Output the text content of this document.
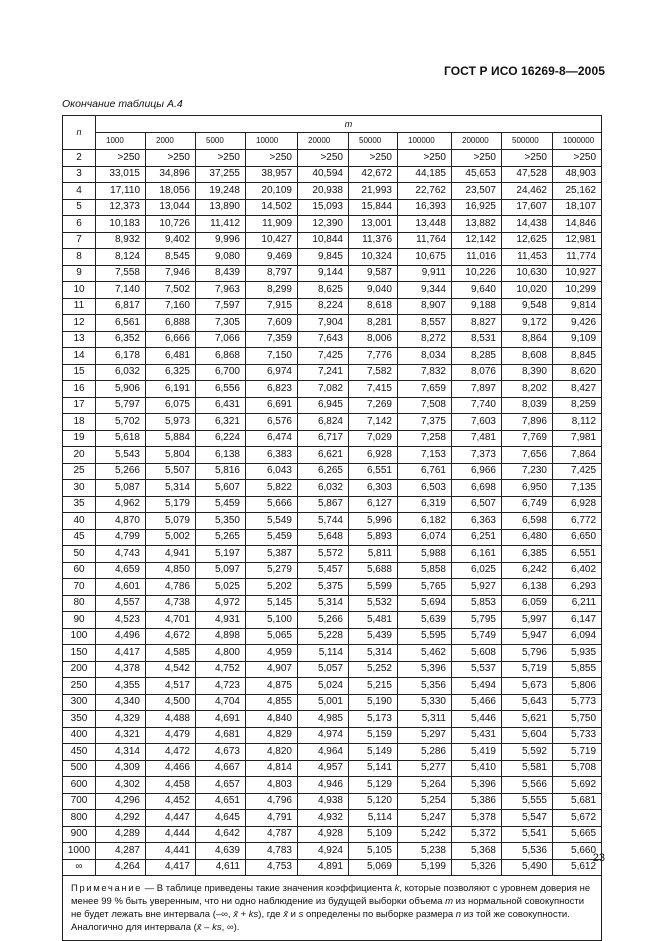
ГОСТ Р ИСО 16269-8—2005
Окончание таблицы А.4
n	m									
	1000	2000	5000	10000	20000	50000	100000	200000	500000	1000000
2	>250	>250	>250	>250	>250	>250	>250	>250	>250	>250
3	33,015	34,896	37,255	38,957	40,594	42,672	44,185	45,653	47,528	48,903
4	17,110	18,056	19,248	20,109	20,938	21,993	22,762	23,507	24,462	25,162
5	12,373	13,044	13,890	14,502	15,093	15,844	16,393	16,925	17,607	18,107
6	10,183	10,726	11,412	11,909	12,390	13,001	13,448	13,882	14,438	14,846
7	8,932	9,402	9,996	10,427	10,844	11,376	11,764	12,142	12,625	12,981
8	8,124	8,545	9,080	9,469	9,845	10,324	10,675	11,016	11,453	11,774
9	7,558	7,946	8,439	8,797	9,144	9,587	9,911	10,226	10,630	10,927
10	7,140	7,502	7,963	8,299	8,625	9,040	9,344	9,640	10,020	10,299
11	6,817	7,160	7,597	7,915	8,224	8,618	8,907	9,188	9,548	9,814
12	6,561	6,888	7,305	7,609	7,904	8,281	8,557	8,827	9,172	9,426
13	6,352	6,666	7,066	7,359	7,643	8,006	8,272	8,531	8,864	9,109
14	6,178	6,481	6,868	7,150	7,425	7,776	8,034	8,285	8,608	8,845
15	6,032	6,325	6,700	6,974	7,241	7,582	7,832	8,076	8,390	8,620
16	5,906	6,191	6,556	6,823	7,082	7,415	7,659	7,897	8,202	8,427
17	5,797	6,075	6,431	6,691	6,945	7,269	7,508	7,740	8,039	8,259
18	5,702	5,973	6,321	6,576	6,824	7,142	7,375	7,603	7,896	8,112
19	5,618	5,884	6,224	6,474	6,717	7,029	7,258	7,481	7,769	7,981
20	5,543	5,804	6,138	6,383	6,621	6,928	7,153	7,373	7,656	7,864
25	5,266	5,507	5,816	6,043	6,265	6,551	6,761	6,966	7,230	7,425
30	5,087	5,314	5,607	5,822	6,032	6,303	6,503	6,698	6,950	7,135
35	4,962	5,179	5,459	5,666	5,867	6,127	6,319	6,507	6,749	6,928
40	4,870	5,079	5,350	5,549	5,744	5,996	6,182	6,363	6,598	6,772
45	4,799	5,002	5,265	5,459	5,648	5,893	6,074	6,251	6,480	6,650
50	4,743	4,941	5,197	5,387	5,572	5,811	5,988	6,161	6,385	6,551
60	4,659	4,850	5,097	5,279	5,457	5,688	5,858	6,025	6,242	6,402
70	4,601	4,786	5,025	5,202	5,375	5,599	5,765	5,927	6,138	6,293
80	4,557	4,738	4,972	5,145	5,314	5,532	5,694	5,853	6,059	6,211
90	4,523	4,701	4,931	5,100	5,266	5,481	5,639	5,795	5,997	6,147
100	4,496	4,672	4,898	5,065	5,228	5,439	5,595	5,749	5,947	6,094
150	4,417	4,585	4,800	4,959	5,114	5,314	5,462	5,608	5,796	5,935
200	4,378	4,542	4,752	4,907	5,057	5,252	5,396	5,537	5,719	5,855
250	4,355	4,517	4,723	4,875	5,024	5,215	5,356	5,494	5,673	5,806
300	4,340	4,500	4,704	4,855	5,001	5,190	5,330	5,466	5,643	5,773
350	4,329	4,488	4,691	4,840	4,985	5,173	5,311	5,446	5,621	5,750
400	4,321	4,479	4,681	4,829	4,974	5,159	5,297	5,431	5,604	5,733
450	4,314	4,472	4,673	4,820	4,964	5,149	5,286	5,419	5,592	5,719
500	4,309	4,466	4,667	4,814	4,957	5,141	5,277	5,410	5,581	5,708
600	4,302	4,458	4,657	4,803	4,946	5,129	5,264	5,396	5,566	5,692
700	4,296	4,452	4,651	4,796	4,938	5,120	5,254	5,386	5,555	5,681
800	4,292	4,447	4,645	4,791	4,932	5,114	5,247	5,378	5,547	5,672
900	4,289	4,444	4,642	4,787	4,928	5,109	5,242	5,372	5,541	5,665
1000	4,287	4,441	4,639	4,783	4,924	5,105	5,238	5,368	5,536	5,660
∞	4,264	4,417	4,611	4,753	4,891	5,069	5,199	5,326	5,490	5,612
Примечание — В таблице приведены такие значения коэффициента k, которые позволяют с уровнем доверия не менее 99 % быть уверенным, что ни одно наблюдение из будущей выборки объема m из нормальной совокупности не будет лежать вне интервала (–∞, x̄ + ks), где x̄ и s определены по выборке размера n из той же совокупности. Аналогично для интервала (x̄ – ks, ∞).										
23
